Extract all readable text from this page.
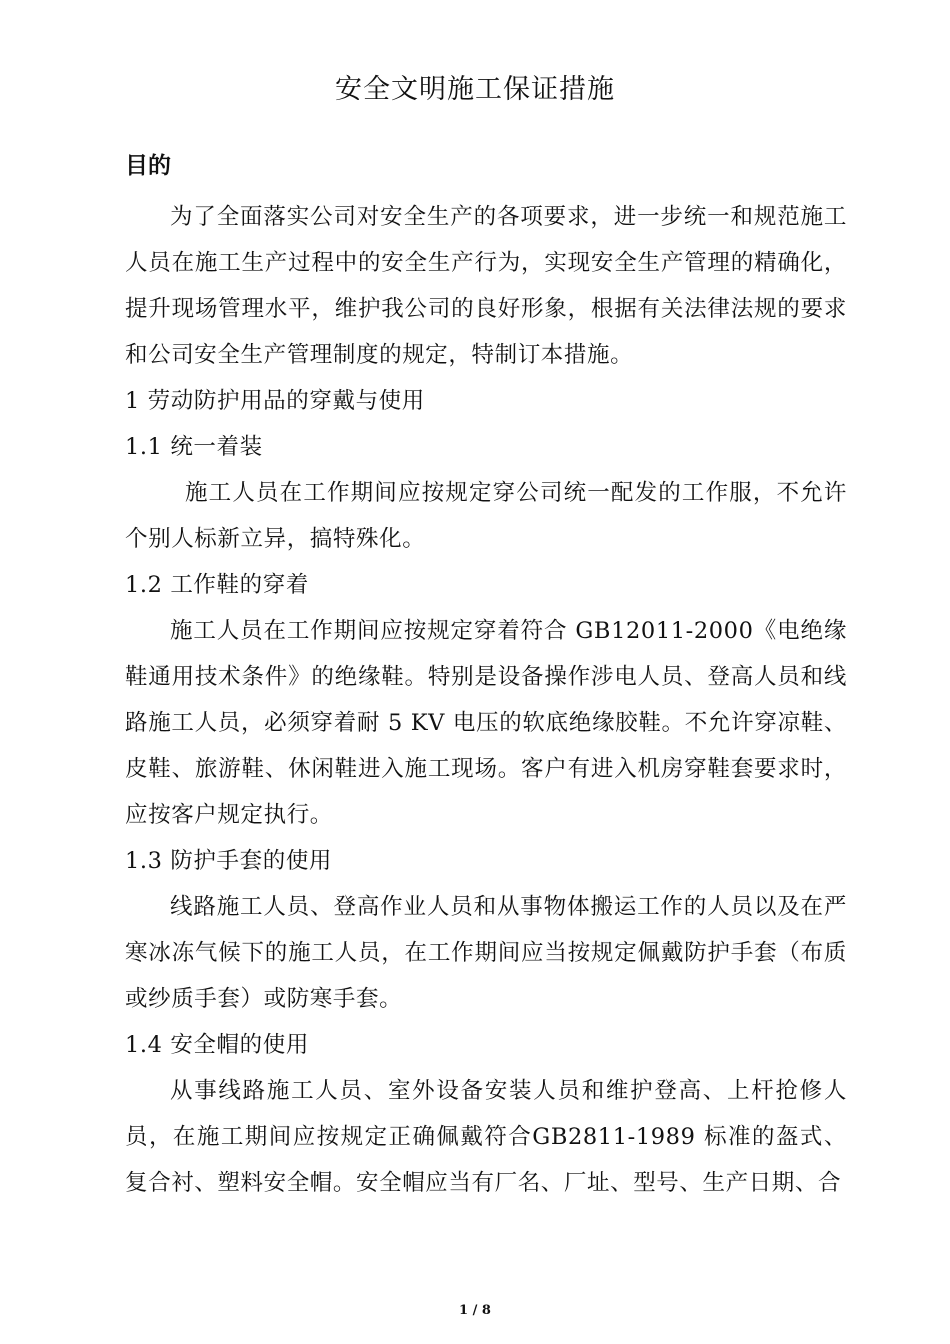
安全文明施工保证措施
目的

为了全面落实公司对安全生产的各项要求，进一步统一和规范施工人员在施工生产过程中的安全生产行为，实现安全生产管理的精确化，提升现场管理水平，维护我公司的良好形象，根据有关法律法规的要求和公司安全生产管理制度的规定，特制订本措施。

1 劳动防护用品的穿戴与使用

1.1 统一着装

施工人员在工作期间应按规定穿公司统一配发的工作服，不允许个别人标新立异，搞特殊化。

1.2 工作鞋的穿着

施工人员在工作期间应按规定穿着符合 GB12011-2000《电绝缘鞋通用技术条件》的绝缘鞋。特别是设备操作涉电人员、登高人员和线路施工人员，必须穿着耐 5 KV 电压的软底绝缘胶鞋。不允许穿凉鞋、皮鞋、旅游鞋、休闲鞋进入施工现场。客户有进入机房穿鞋套要求时，应按客户规定执行。

1.3 防护手套的使用

线路施工人员、登高作业人员和从事物体搬运工作的人员以及在严寒冰冻气候下的施工人员，在工作期间应当按规定佩戴防护手套（布质或纱质手套）或防寒手套。

1.4 安全帽的使用

从事线路施工人员、室外设备安装人员和维护登高、上杆抢修人员，在施工期间应按规定正确佩戴符合GB2811-1989 标准的盔式、复合衬、塑料安全帽。安全帽应当有厂名、厂址、型号、生产日期、合

1 / 8
